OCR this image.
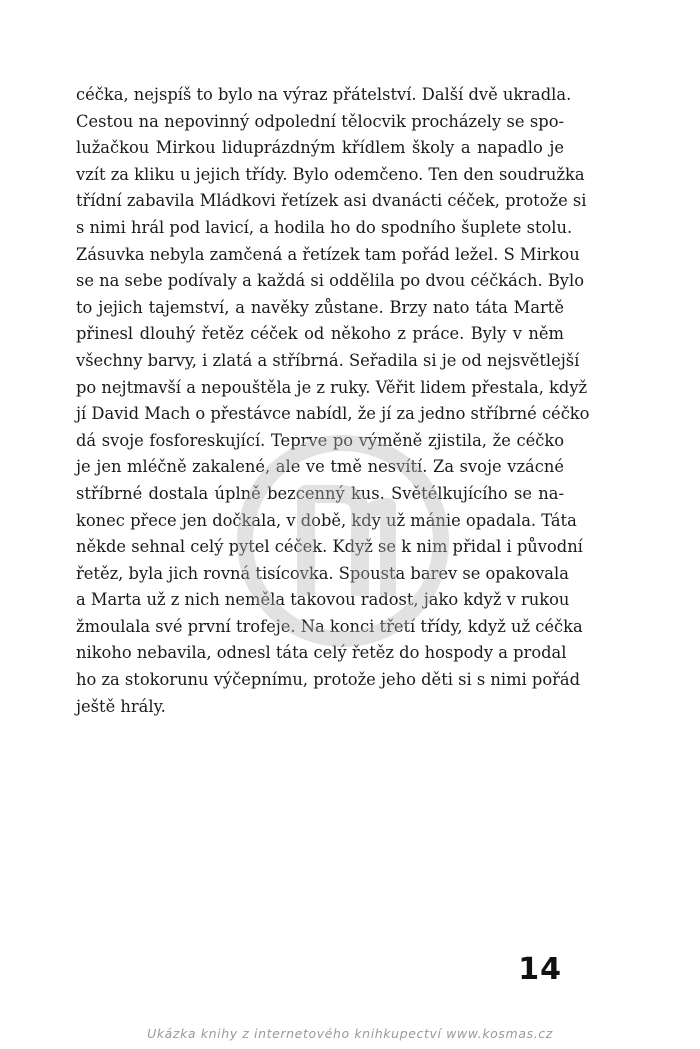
céčka, nejspíš to bylo na výraz přátelství. Další dvě ukradla.
Cestou na nepovinný odpolední tělocvik procházely se spo-
lužačkou Mirkou liduprázdným křídlem školy a napadlo je
vzít za kliku u jejich třídy. Bylo odemčeno. Ten den soudružka
třídní zabavila Mládkovi řetízek asi dvanácti céček, protože si
s nimi hrál pod lavicí, a hodila ho do spodního šuplete stolu.
Zásuvka nebyla zamčená a řetízek tam pořád ležel. S Mirkou
se na sebe podívaly a každá si oddělila po dvou céčkách. Bylo
to jejich tajemství, a navěky zůstane. Brzy nato táta Martě
přinesl dlouhý řetěz céček od někoho z práce. Byly v něm
všechny barvy, i zlatá a stříbrná. Seřadila si je od nejsvětlejší
po nejtmavší a nepouštěla je z ruky. Věřit lidem přestala, když
jí David Mach o přestávce nabídl, že jí za jedno stříbrné céčko
dá svoje fosforeskující. Teprve po výměně zjistila, že céčko
je jen mléčně zakalené, ale ve tmě nesvítí. Za svoje vzácné
stříbrné dostala úplně bezcenný kus. Světélkujícího se na-
konec přece jen dočkala, v době, kdy už mánie opadala. Táta
někde sehnal celý pytel céček. Když se k nim přidal i původní
řetěz, byla jich rovná tisícovka. Spousta barev se opakovala
a Marta už z nich neměla takovou radost, jako když v rukou
žmoulala své první trofeje. Na konci třetí třídy, když už céčka
nikoho nebavila, odnesl táta celý řetěz do hospody a prodal
ho za stokorunu výčepnímu, protože jeho děti si s nimi pořád
ještě hrály.
14
Ukázka knihy z internetového knihkupectví www.kosmas.cz
